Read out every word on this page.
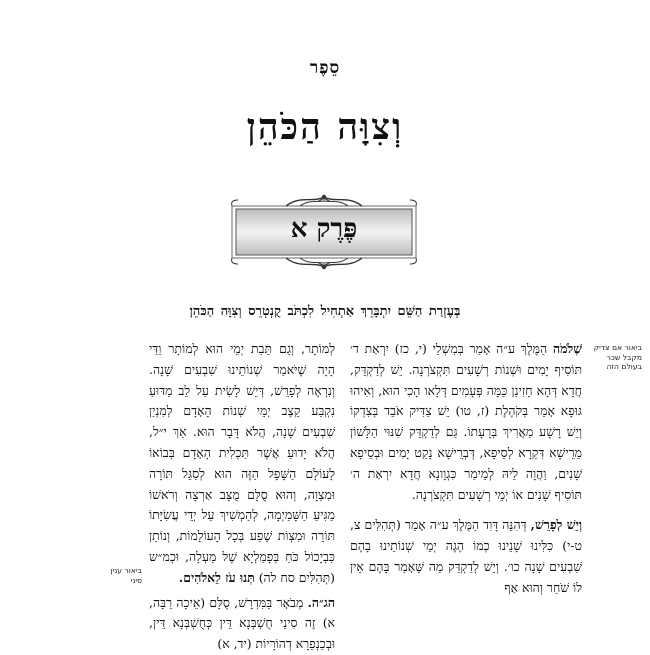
סֵפֶר
וְצִוָּה הַכֹּהֵן
פֶּרֶק א
בְּעֶזְרַת הַשֵּׁם יִתְבָּרֵךְ אַתְחִיל לִכְתֹּב קֻנְטְרֵס וְצִוָּה הַכֹּהֵן

שְׁלֹמֹה הַמֶּלֶךְ ע״ה אָמַר בְּמִשְׁלֵי (י, כז) יִרְאַת ד׳ תּוֹסִיף יָמִים וּשְׁנוֹת רְשָׁעִים תִּקְצֹרְנָה. יֵשׁ לְדַקְדֵּק, חֲדָא דְּהָא חָזִינַן כַּמָּה פְּעָמִים דְּלָאו הָכִי הוּא, וְאִיהוּ גּוּפָא אָמַר בְּקֹהֶלֶת (ז, טו) יֵשׁ צַדִּיק אֹבֵד בְּצִדְקוֹ וְיֵשׁ רָשָׁע מַאֲרִיךְ בְּרָעָתוֹ. גַּם לְדַקְדֵּק שִׁנּוּי הַלָּשׁוֹן מֵרֵישָׁא דִּקְרָא לְסֵיפָא, דְּבְרֵישָׁא נָקַט יָמִים וּבְסֵיפָא שָׁנִים, וַהֲוָה לֵיהּ לְמֵימַר כִּגְוָונָא חֲדָא יִרְאַת ה׳ תּוֹסִיף שָׁנִים אוֹ יְמֵי רְשָׁעִים תִּקְצֹרְנָה.

וְיֵשׁ לְפָרֵשׁ, דְּהִנֵּה דָּוִד הַמֶּלֶךְ ע״ה אָמַר (תְּהִלִּים צ, ט-י) כִּלִּינוּ שָׁנֵינוּ כְמוֹ הֶגֶה יְמֵי שְׁנוֹתֵינוּ בָהֶם שִׁבְעִים שָׁנָה כו׳. וְיֵשׁ לְדַקְדֵּק מַה שֶּׁאָמַר בָּהֶם אֵין לוֹ שֹׁחַר וְהוּא אַף

לְמוֹתָר, וְגַם תֵּבַת יְמֵי הוּא לְמוֹתָר וַדַּי הָיָה שֶׁיֹּאמַר שְׁנוֹתֵינוּ שִׁבְעִים שָׁנָה. וְנִרְאֶה לְפָרֵשׁ, דְּיֵשׁ לָשִׂית עַל לֵב מַדּוּעַ נִקְבַּע קֵצֶב יְמֵי שְׁנוֹת הָאָדָם לְמִנְיַן שִׁבְעִים שָׁנָה, הֲלֹא דָּבָר הוּא. אַךְ י״ל, הֲלֹא יָדוּעַ אֲשֶׁר תַּכְלִית הָאָדָם בְּבוֹאוֹ לָעוֹלָם הַשָּׁפָל הַזֶּה הוּא לְסַגֵּל תּוֹרָה וּמִצְוָה, וְהוּא סֻלָּם מֻצָּב אַרְצָה וְרֹאשׁוֹ מַגִּיעַ הַשָּׁמַיְמָה, לְהַמְשִׁיךְ עַל יְדֵי עֲשִׂיָּתוֹ תּוֹרָה וּמִצְוֹת שֶׁפַע בְּכָל הָעוֹלָמוֹת, וְנוֹתֵן כִּבְיָכוֹל כֹּחַ בְּפָמַלְיָא שֶׁל מַעְלָה, וּכְמ״ש (תְּהִלִּים סח לה) תְּנוּ עֹז לֵאלֹהִים.

הג״ה. מְבֹאָר בַּמִּדְרָשׁ, סֻלָּם (אֵיכָה רַבָּה, א) זֶה סִינַי חֻשְׁבְּנָא דֵּין כְּחֻשְׁבְּנָא דֵּין, וּבְכַנְפֵרָא דְהוֹרָיוֹת (יד, א)

ביאור אם צדיק מקבל שכר בעולם הזה
ביאור ענין סיני
